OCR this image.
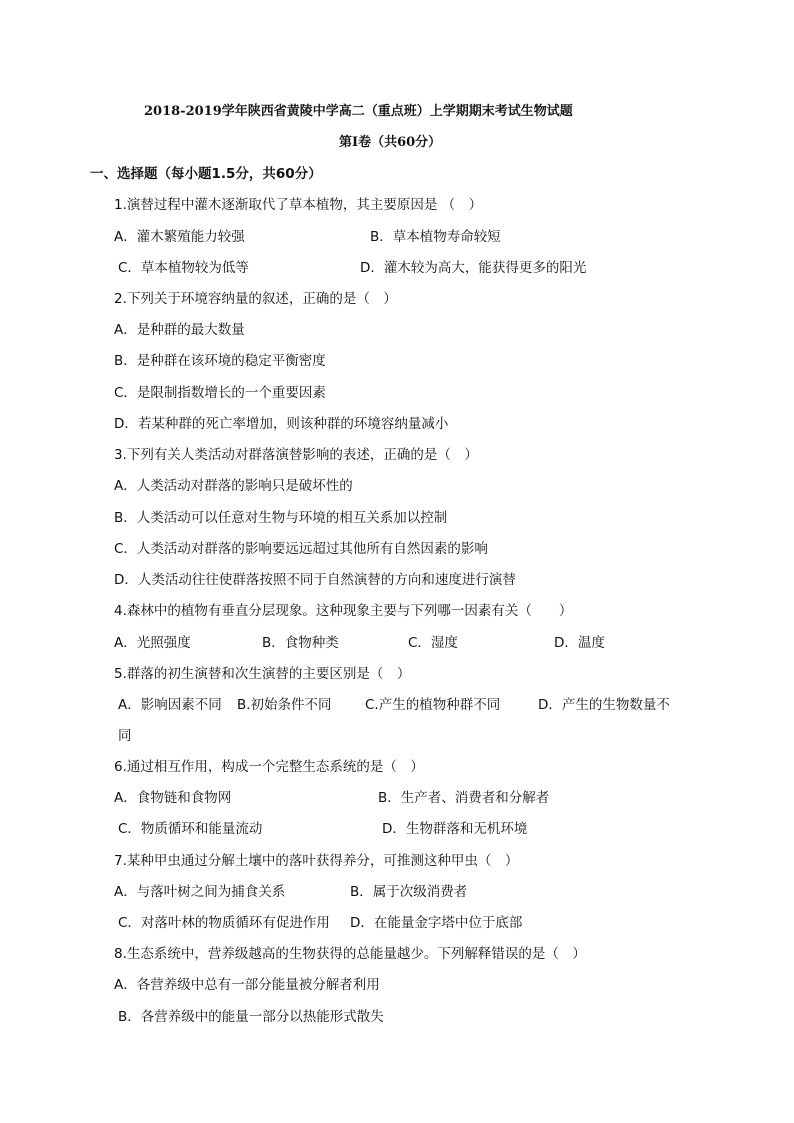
2018-2019学年陕西省黄陵中学高二（重点班）上学期期末考试生物试题
第Ⅰ卷（共60分）
一、选择题（每小题1.5分，共60分）
1.演替过程中灌木逐渐取代了草本植物，其主要原因是 （　）
A．灌木繁殖能力较强	B．草本植物寿命较短
C．草本植物较为低等	D．灌木较为高大，能获得更多的阳光
2.下列关于环境容纳量的叙述，正确的是（　）
A．是种群的最大数量
B．是种群在该环境的稳定平衡密度
C．是限制指数增长的一个重要因素
D．若某种群的死亡率增加，则该种群的环境容纳量减小
3.下列有关人类活动对群落演替影响的表述，正确的是（　）
A．人类活动对群落的影响只是破坏性的
B．人类活动可以任意对生物与环境的相互关系加以控制
C．人类活动对群落的影响要远远超过其他所有自然因素的影响
D．人类活动往往使群落按照不同于自然演替的方向和速度进行演替
4.森林中的植物有垂直分层现象。这种现象主要与下列哪一因素有关（　　）
A．光照强度	B．食物种类	C．湿度	D．温度
5.群落的初生演替和次生演替的主要区别是（　）
A．影响因素不同 B.初始条件不同 C.产生的植物种群不同	D．产生的生物数量不
同
6.通过相互作用，构成一个完整生态系统的是（　）
A．食物链和食物网	B．生产者、消费者和分解者
C．物质循环和能量流动	D．生物群落和无机环境
7.某种甲虫通过分解土壤中的落叶获得养分，可推测这种甲虫（　）
A．与落叶树之间为捕食关系	B．属于次级消费者
C．对落叶林的物质循环有促进作用 D．在能量金字塔中位于底部
8.生态系统中，营养级越高的生物获得的总能量越少。下列解释错误的是（　）
A．各营养级中总有一部分能量被分解者利用
B．各营养级中的能量一部分以热能形式散失
